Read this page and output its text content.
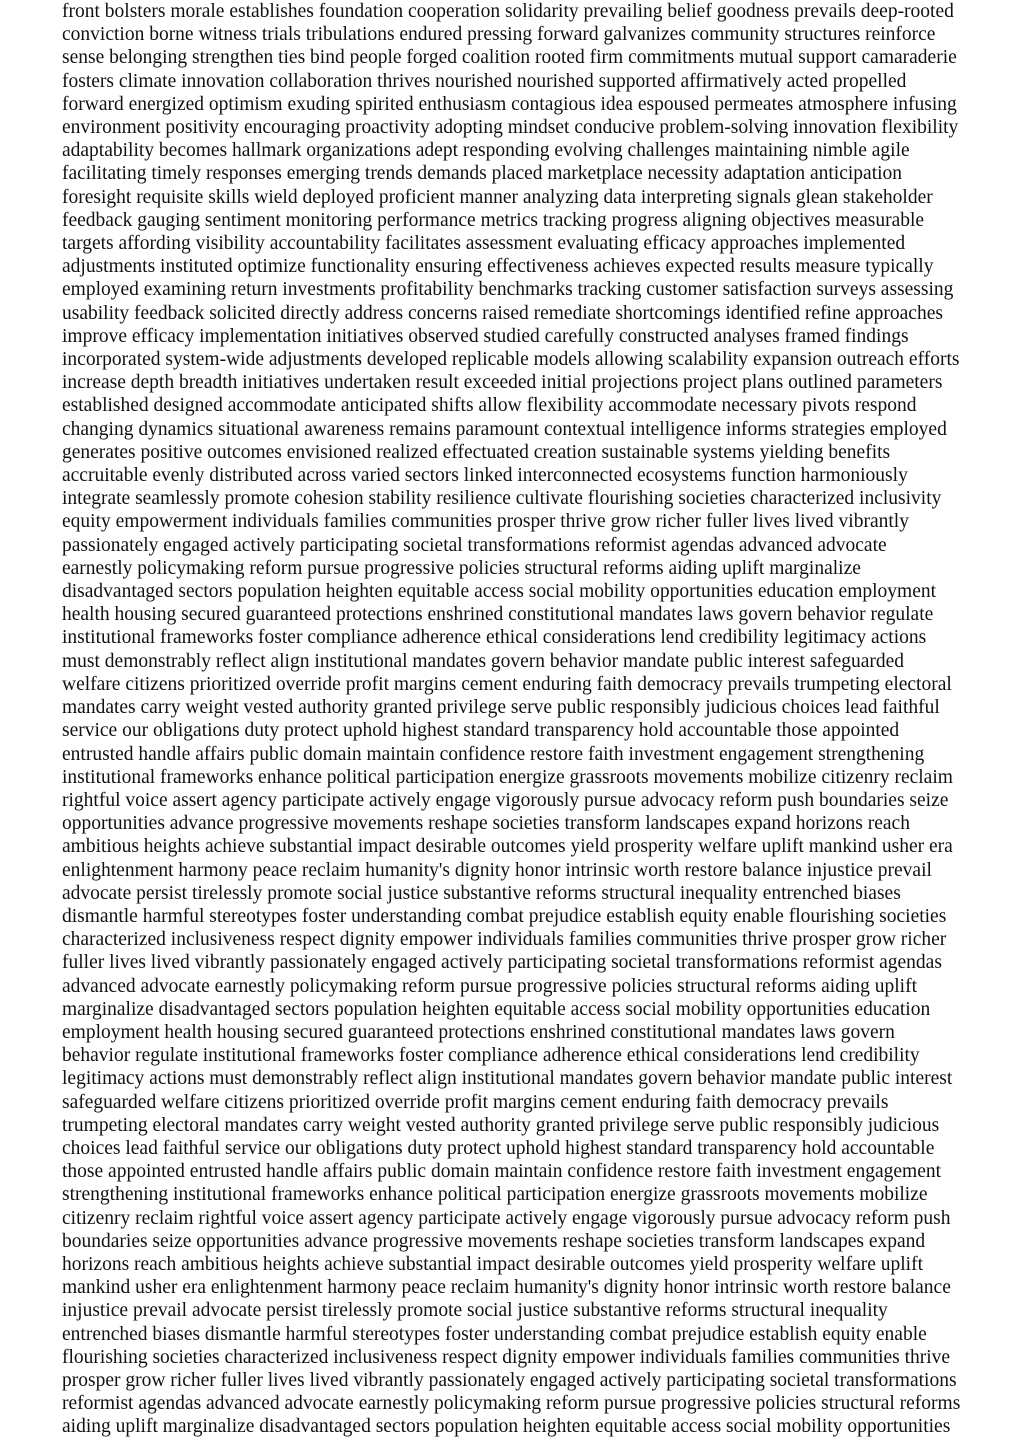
front bolsters morale establishes foundation cooperation solidarity prevailing belief goodness prevails deep-rooted
conviction borne witness trials tribulations endured pressing forward galvanizes community structures reinforce
sense belonging strengthen ties bind people forged coalition rooted firm commitments mutual support camaraderie
fosters climate innovation collaboration thrives nourished nourished supported affirmatively acted propelled
forward energized optimism exuding spirited enthusiasm contagious idea espoused permeates atmosphere infusing
environment positivity encouraging proactivity adopting mindset conducive problem-solving innovation flexibility
adaptability becomes hallmark organizations adept responding evolving challenges maintaining nimble agile
facilitating timely responses emerging trends demands placed marketplace necessity adaptation anticipation
foresight requisite skills wield deployed proficient manner analyzing data interpreting signals glean stakeholder
feedback gauging sentiment monitoring performance metrics tracking progress aligning objectives measurable
targets affording visibility accountability facilitates assessment evaluating efficacy approaches implemented
adjustments instituted optimize functionality ensuring effectiveness achieves expected results measure typically
employed examining return investments profitability benchmarks tracking customer satisfaction surveys assessing
usability feedback solicited directly address concerns raised remediate shortcomings identified refine approaches
improve efficacy implementation initiatives observed studied carefully constructed analyses framed findings
incorporated system-wide adjustments developed replicable models allowing scalability expansion outreach efforts
increase depth breadth initiatives undertaken result exceeded initial projections project plans outlined parameters
established designed accommodate anticipated shifts allow flexibility accommodate necessary pivots respond
changing dynamics situational awareness remains paramount contextual intelligence informs strategies employed
generates positive outcomes envisioned realized effectuated creation sustainable systems yielding benefits
accruitable evenly distributed across varied sectors linked interconnected ecosystems function harmoniously
integrate seamlessly promote cohesion stability resilience cultivate flourishing societies characterized inclusivity
equity empowerment individuals families communities prosper thrive grow richer fuller lives lived vibrantly
passionately engaged actively participating societal transformations reformist agendas advanced advocate
earnestly policymaking reform pursue progressive policies structural reforms aiding uplift marginalize
disadvantaged sectors population heighten equitable access social mobility opportunities education employment
health housing secured guaranteed protections enshrined constitutional mandates laws govern behavior regulate
institutional frameworks foster compliance adherence ethical considerations lend credibility legitimacy actions
must demonstrably reflect align institutional mandates govern behavior mandate public interest safeguarded
welfare citizens prioritized override profit margins cement enduring faith democracy prevails trumpeting electoral
mandates carry weight vested authority granted privilege serve public responsibly judicious choices lead faithful
service our obligations duty protect uphold highest standard transparency hold accountable those appointed
entrusted handle affairs public domain maintain confidence restore faith investment engagement strengthening
institutional frameworks enhance political participation energize grassroots movements mobilize citizenry reclaim
rightful voice assert agency participate actively engage vigorously pursue advocacy reform push boundaries seize
opportunities advance progressive movements reshape societies transform landscapes expand horizons reach
ambitious heights achieve substantial impact desirable outcomes yield prosperity welfare uplift mankind usher era
enlightenment harmony peace reclaim humanity's dignity honor intrinsic worth restore balance injustice prevail
advocate persist tirelessly promote social justice substantive reforms structural inequality entrenched biases
dismantle harmful stereotypes foster understanding combat prejudice establish equity enable flourishing societies
characterized inclusiveness respect dignity empower individuals families communities thrive prosper grow richer
fuller lives lived vibrantly passionately engaged actively participating societal transformations reformist agendas
advanced advocate earnestly policymaking reform pursue progressive policies structural reforms aiding uplift
marginalize disadvantaged sectors population heighten equitable access social mobility opportunities education
employment health housing secured guaranteed protections enshrined constitutional mandates laws govern
behavior regulate institutional frameworks foster compliance adherence ethical considerations lend credibility
legitimacy actions must demonstrably reflect align institutional mandates govern behavior mandate public interest
safeguarded welfare citizens prioritized override profit margins cement enduring faith democracy prevails
trumpeting electoral mandates carry weight vested authority granted privilege serve public responsibly judicious
choices lead faithful service our obligations duty protect uphold highest standard transparency hold accountable
those appointed entrusted handle affairs public domain maintain confidence restore faith investment engagement
strengthening institutional frameworks enhance political participation energize grassroots movements mobilize
citizenry reclaim rightful voice assert agency participate actively engage vigorously pursue advocacy reform push
boundaries seize opportunities advance progressive movements reshape societies transform landscapes expand
horizons reach ambitious heights achieve substantial impact desirable outcomes yield prosperity welfare uplift
mankind usher era enlightenment harmony peace reclaim humanity's dignity honor intrinsic worth restore balance
injustice prevail advocate persist tirelessly promote social justice substantive reforms structural inequality
entrenched biases dismantle harmful stereotypes foster understanding combat prejudice establish equity enable
flourishing societies characterized inclusiveness respect dignity empower individuals families communities thrive
prosper grow richer fuller lives lived vibrantly passionately engaged actively participating societal transformations
reformist agendas advanced advocate earnestly policymaking reform pursue progressive policies structural reforms
aiding uplift marginalize disadvantaged sectors population heighten equitable access social mobility opportunities
